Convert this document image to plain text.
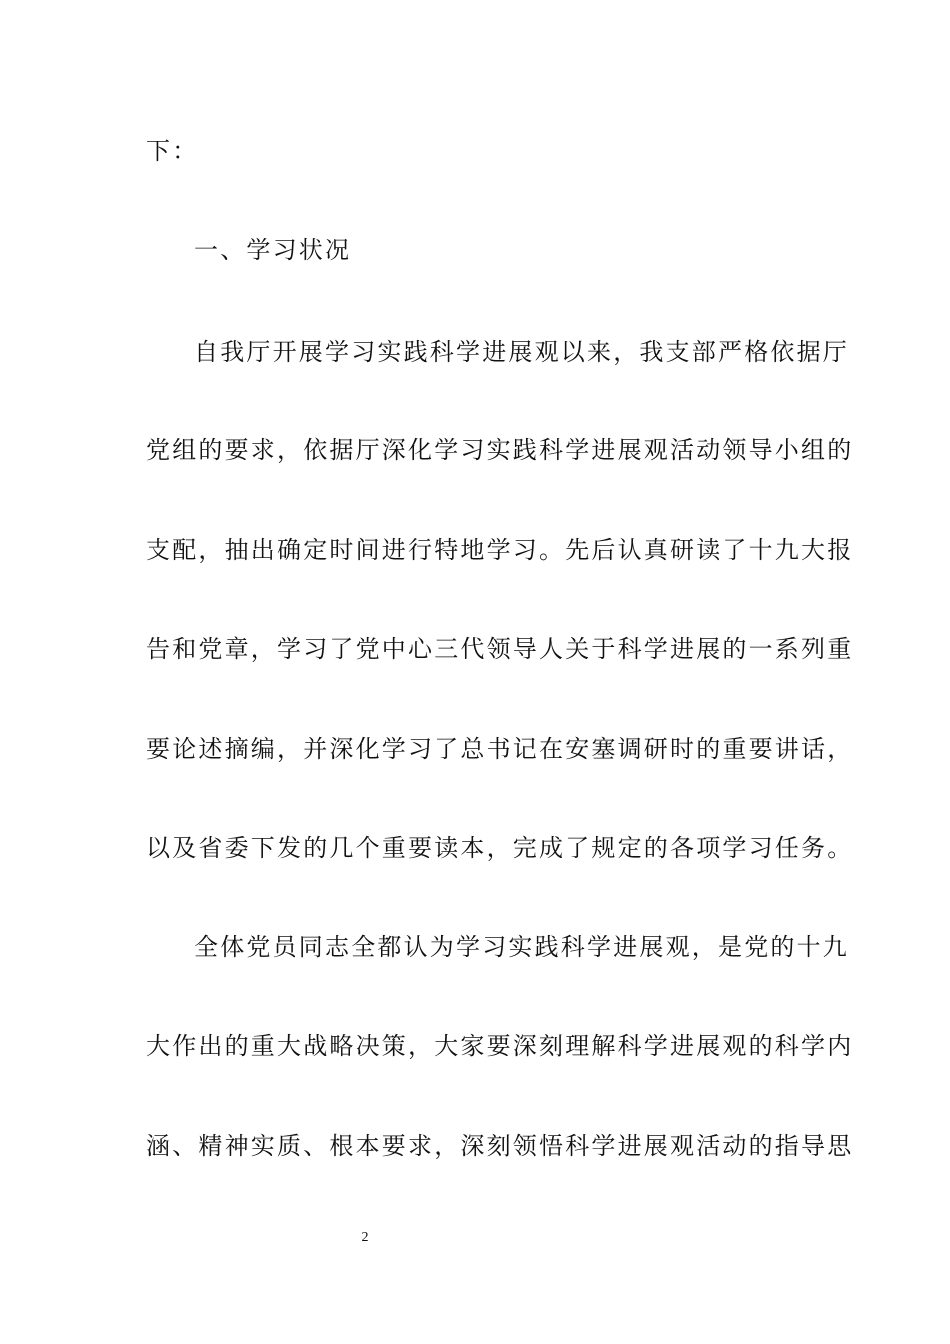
下：
一、学习状况
自我厅开展学习实践科学进展观以来，我支部严格依据厅
党组的要求，依据厅深化学习实践科学进展观活动领导小组的
支配，抽出确定时间进行特地学习。先后认真研读了十九大报
告和党章，学习了党中心三代领导人关于科学进展的一系列重
要论述摘编，并深化学习了总书记在安塞调研时的重要讲话，
以及省委下发的几个重要读本，完成了规定的各项学习任务。
全体党员同志全都认为学习实践科学进展观，是党的十九
大作出的重大战略决策，大家要深刻理解科学进展观的科学内
涵、精神实质、根本要求，深刻领悟科学进展观活动的指导思
2
